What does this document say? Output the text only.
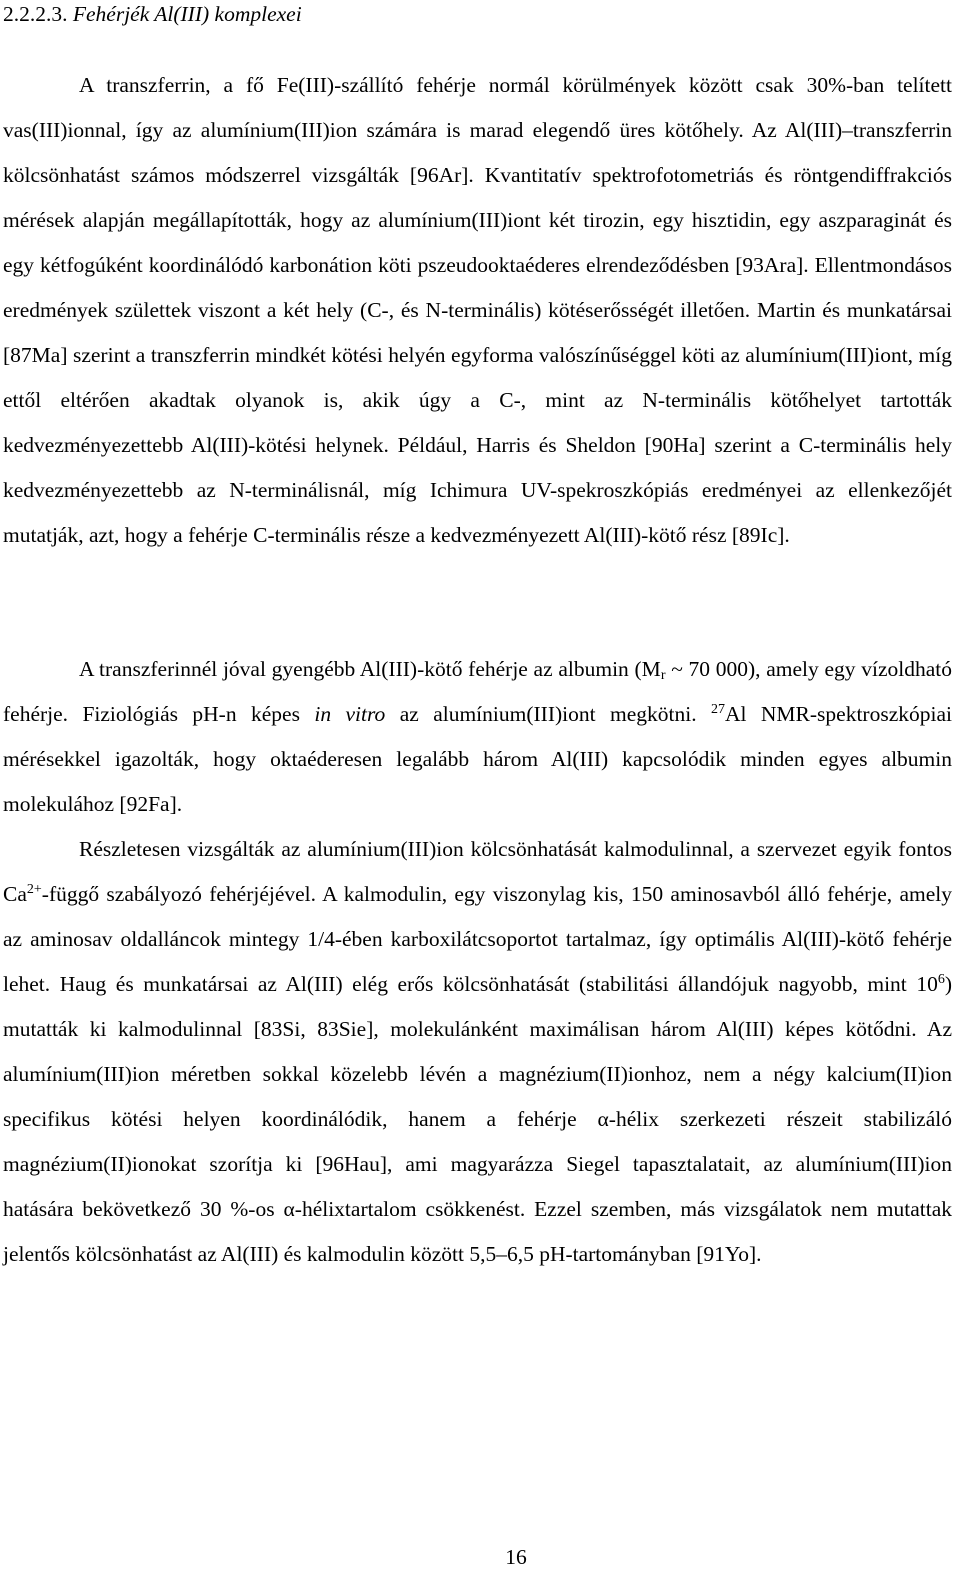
2.2.2.3. Fehérjék Al(III) komplexei

A transzferrin, a fő Fe(III)-szállító fehérje normál körülmények között csak 30%-ban telített vas(III)ionnal, így az alumínium(III)ion számára is marad elegendő üres kötőhely. Az Al(III)–transzferrin kölcsönhatást számos módszerrel vizsgálták [96Ar]. Kvantitatív spektrofotometriás és röntgendiffrakciós mérések alapján megállapították, hogy az alumínium(III)iont két tirozin, egy hisztidin, egy aszparaginát és egy kétfogúként koordinálódó karbonátion köti pszeudooktaéderes elrendeződésben [93Ara]. Ellentmondásos eredmények születtek viszont a két hely (C-, és N-terminális) kötéserősségét illetően. Martin és munkatársai [87Ma] szerint a transzferrin mindkét kötési helyén egyforma valószínűséggel köti az alumínium(III)iont, míg ettől eltérően akadtak olyanok is, akik úgy a C-, mint az N-terminális kötőhelyet tartották kedvezményezettebb Al(III)-kötési helynek. Például, Harris és Sheldon [90Ha] szerint a C-terminális hely kedvezményezettebb az N-terminálisnál, míg Ichimura UV-spekroszkópiás eredményei az ellenkezőjét mutatják, azt, hogy a fehérje C-terminális része a kedvezményezett Al(III)-kötő rész [89Ic].

A transzferinnél jóval gyengébb Al(III)-kötő fehérje az albumin ($M_r$ ~ 70 000), amely egy vízoldható fehérje. Fiziológiás pH-n képes in vitro az alumínium(III)iont megkötni. $^{27}$Al NMR-spektroszkópiai mérésekkel igazolták, hogy oktaéderesen legalább három Al(III) kapcsolódik minden egyes albumin molekulához [92Fa].

Részletesen vizsgálták az alumínium(III)ion kölcsönhatását kalmodulinnal, a szervezet egyik fontos $Ca^{2+}$-függő szabályozó fehérjéjével. A kalmodulin, egy viszonylag kis, 150 aminosavból álló fehérje, amely az aminosav oldalláncok mintegy 1/4-ében karboxilátcsoportot tartalmaz, így optimális Al(III)-kötő fehérje lehet. Haug és munkatársai az Al(III) elég erős kölcsönhatását (stabilitási állandójuk nagyobb, mint $10^6$) mutatták ki kalmodulinnal [83Si, 83Sie], molekulánként maximálisan három Al(III) képes kötődni. Az alumínium(III)ion méretben sokkal közelebb lévén a magnézium(II)ionhoz, nem a négy kalcium(II)ion specifikus kötési helyen koordinálódik, hanem a fehérje α-hélix szerkezeti részeit stabilizáló magnézium(II)ionokat szorítja ki [96Hau], ami magyarázza Siegel tapasztalatait, az alumínium(III)ion hatására bekövetkező 30 %-os α-hélixtartalom csökkenést. Ezzel szemben, más vizsgálatok nem mutattak jelentős kölcsönhatást az Al(III) és kalmodulin között 5,5–6,5 pH-tartományban [91Yo].

16
